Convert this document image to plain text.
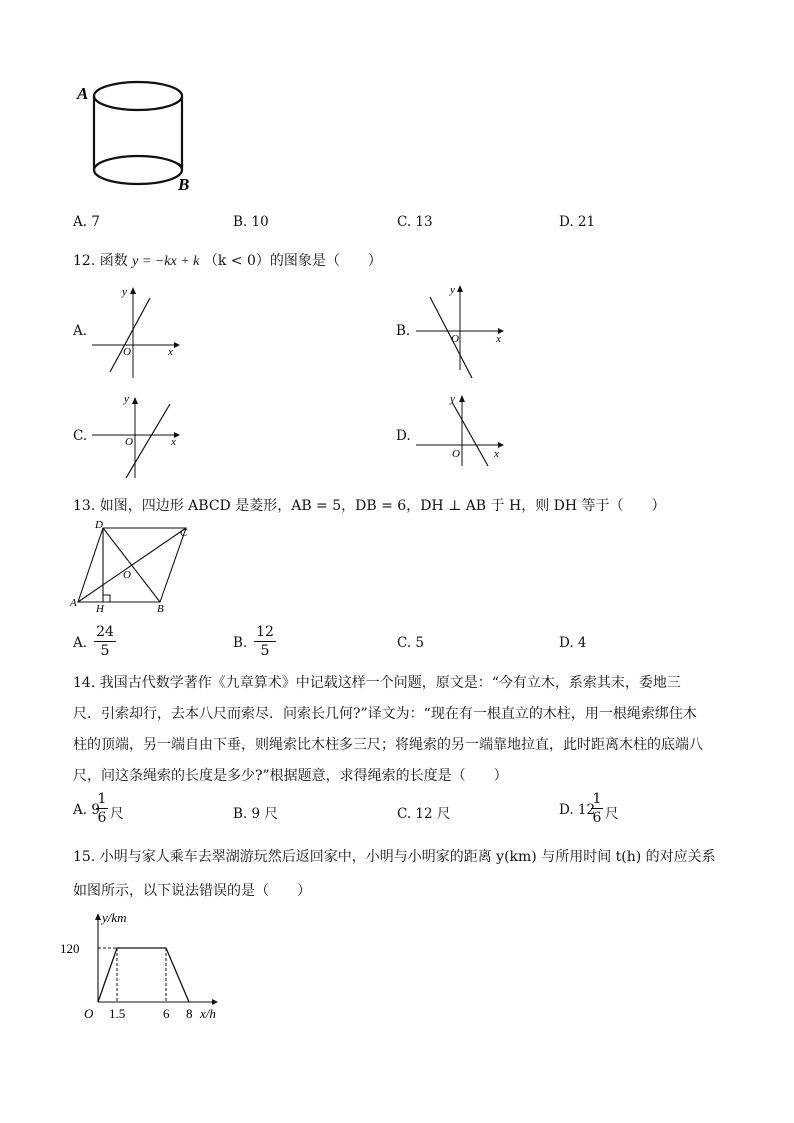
A
B
A. 7	B. 10	C. 13	D. 21
12. 函数 y = −kx + k （k < 0）的图象是（　　）
A.
y
x
O
B.
y
x
O
C.
y
x
O	D.
y
x
O
13. 如图，四边形 ABCD 是菱形，AB = 5，DB = 6，DH ⊥ AB 于 H，则 DH 等于（　　）
D
C
A	B
O
H
A.
24
5	B.
12
5	C. 5	D. 4
14. 我国古代数学著作《九章算术》中记载这样一个问题，原文是：“今有立木，系索其末，委地三
尺．引索却行，去本八尺而索尽．问索长几何?”译文为：“现在有一根直立的木柱，用一根绳索绑住木
柱的顶端，另一端自由下垂，则绳索比木柱多三尺；将绳索的另一端靠地拉直，此时距离木柱的底端八
尺，问这条绳索的长度是多少?”根据题意，求得绳索的长度是（　　）
A. 9
1
6 尺	B. 9 尺	C. 12 尺	D. 12
1
6 尺
15. 小明与家人乘车去翠湖游玩然后返回家中，小明与小明家的距离 y(km) 与所用时间 t(h) 的对应关系
如图所示，以下说法错误的是（　　）
1.5	6 8
120
O	x/h
y/km
